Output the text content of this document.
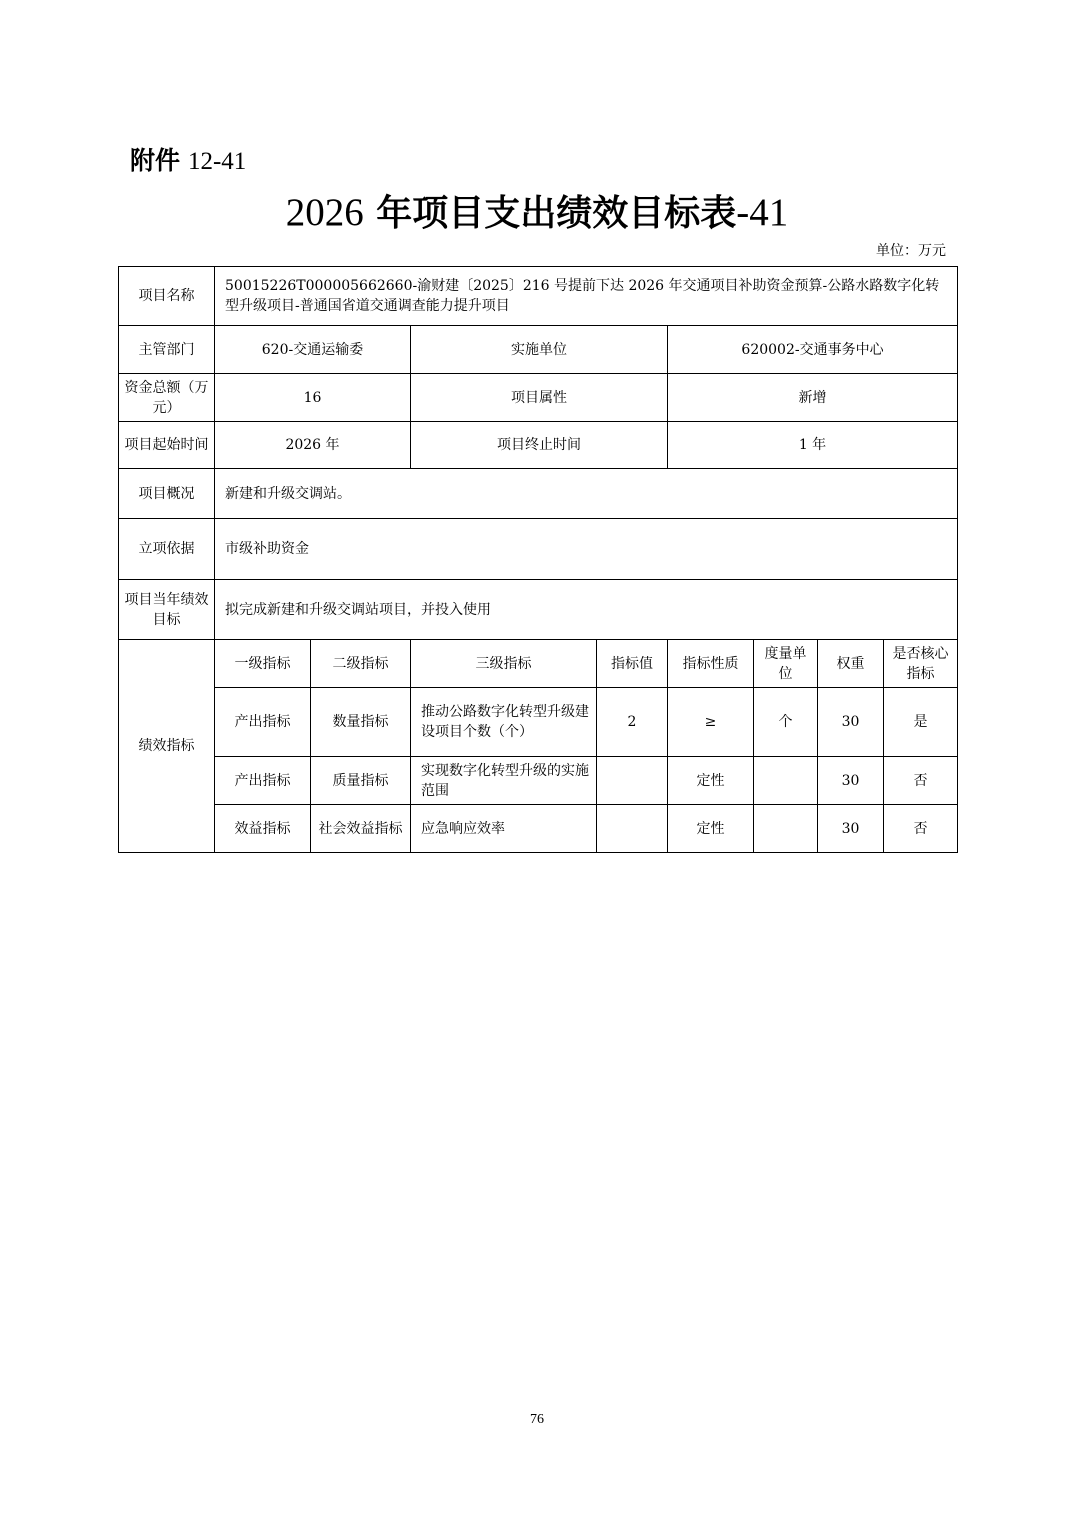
附件 12-41
2026 年项目支出绩效目标表-41
单位：万元
项目名称	50015226T000005662660-渝财建〔2025〕216 号提前下达 2026 年交通项目补助资金预算-公路水路数字化转型升级项目-普通国省道交通调查能力提升项目							
主管部门	620-交通运输委		实施单位		620002-交通事务中心			
资金总额（万元）	16		项目属性		新增			
项目起始时间	2026 年		项目终止时间		1 年			
项目概况	新建和升级交调站。							
立项依据	市级补助资金							
项目当年绩效目标	拟完成新建和升级交调站项目，并投入使用							
绩效指标	一级指标	二级指标	三级指标	指标值	指标性质	度量单位	权重	是否核心指标
	产出指标	数量指标	推动公路数字化转型升级建设项目个数（个）	2	≥	个	30	是
	产出指标	质量指标	实现数字化转型升级的实施范围		定性		30	否
	效益指标	社会效益指标	应急响应效率		定性		30	否
76
